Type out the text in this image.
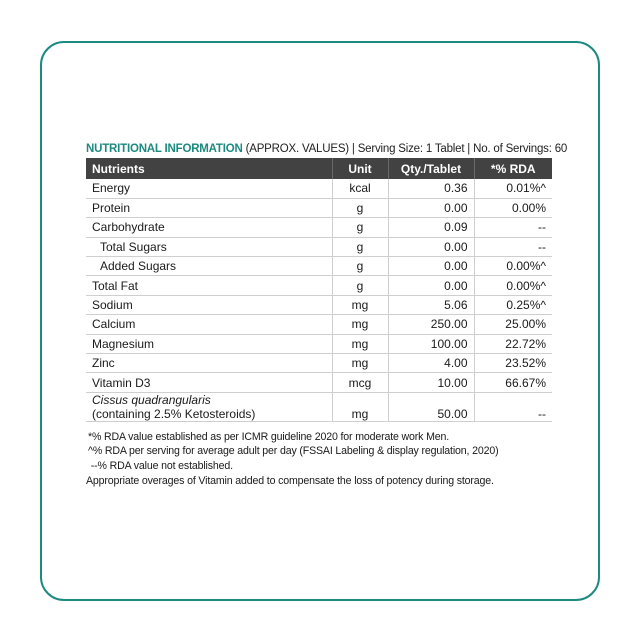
NUTRITIONAL INFORMATION (APPROX. VALUES) | Serving Size: 1 Tablet | No. of Servings: 60
Nutrients	Unit	Qty./Tablet	*% RDA
Energy	kcal	0.36	0.01%^
Protein	g	0.00	0.00%
Carbohydrate	g	0.09	--
Total Sugars	g	0.00	--
Added Sugars	g	0.00	0.00%^
Total Fat	g	0.00	0.00%^
Sodium	mg	5.06	0.25%^
Calcium	mg	250.00	25.00%
Magnesium	mg	100.00	22.72%
Zinc	mg	4.00	23.52%
Vitamin D3	mcg	10.00	66.67%

Cissus quadrangularis
(containing 2.5% Ketosteroids)	mg	50.00	--
*% RDA value established as per ICMR guideline 2020 for moderate work Men.
^% RDA per serving for average adult per day (FSSAI Labeling & display regulation, 2020)
--% RDA value not established.
Appropriate overages of Vitamin added to compensate the loss of potency during storage.
